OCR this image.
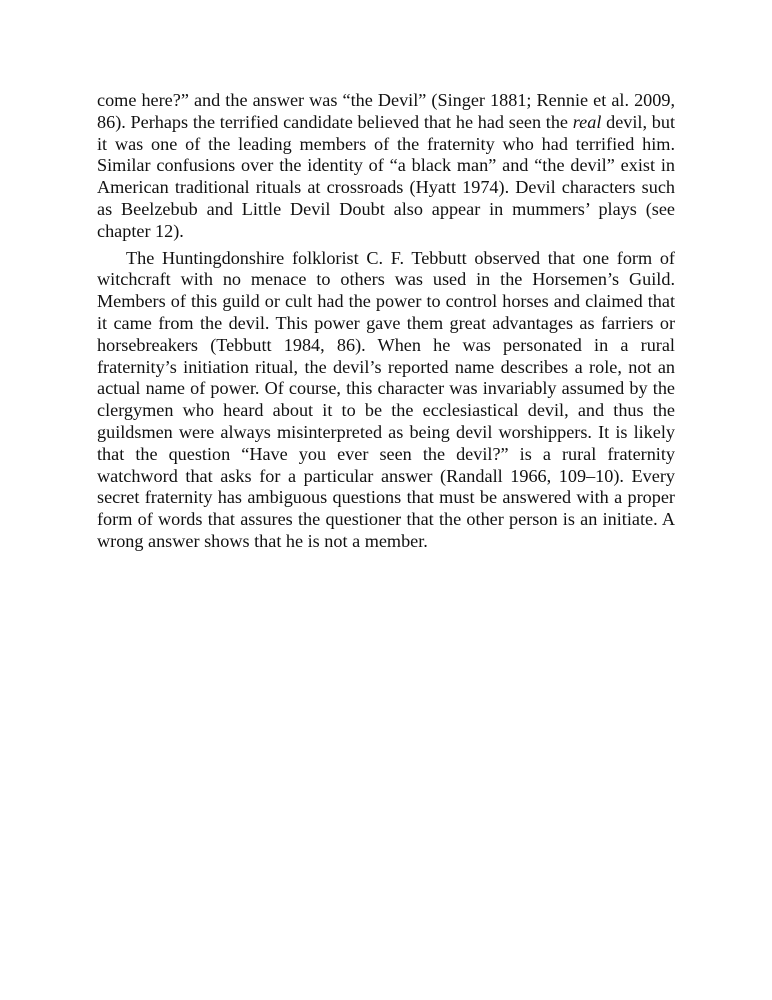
come here?” and the answer was “the Devil” (Singer 1881; Rennie et al. 2009, 86). Perhaps the terrified candidate believed that he had seen the real devil, but it was one of the leading members of the fraternity who had terrified him. Similar confusions over the identity of “a black man” and “the devil” exist in American traditional rituals at crossroads (Hyatt 1974). Devil characters such as Beelzebub and Little Devil Doubt also appear in mummers’ plays (see chapter 12).

The Huntingdonshire folklorist C. F. Tebbutt observed that one form of witchcraft with no menace to others was used in the Horsemen’s Guild. Members of this guild or cult had the power to control horses and claimed that it came from the devil. This power gave them great advantages as farriers or horsebreakers (Tebbutt 1984, 86). When he was personated in a rural fraternity’s initiation ritual, the devil’s reported name describes a role, not an actual name of power. Of course, this character was invariably assumed by the clergymen who heard about it to be the ecclesiastical devil, and thus the guildsmen were always misinterpreted as being devil worshippers. It is likely that the question “Have you ever seen the devil?” is a rural fraternity watchword that asks for a particular answer (Randall 1966, 109–10). Every secret fraternity has ambiguous questions that must be answered with a proper form of words that assures the questioner that the other person is an initiate. A wrong answer shows that he is not a member.
